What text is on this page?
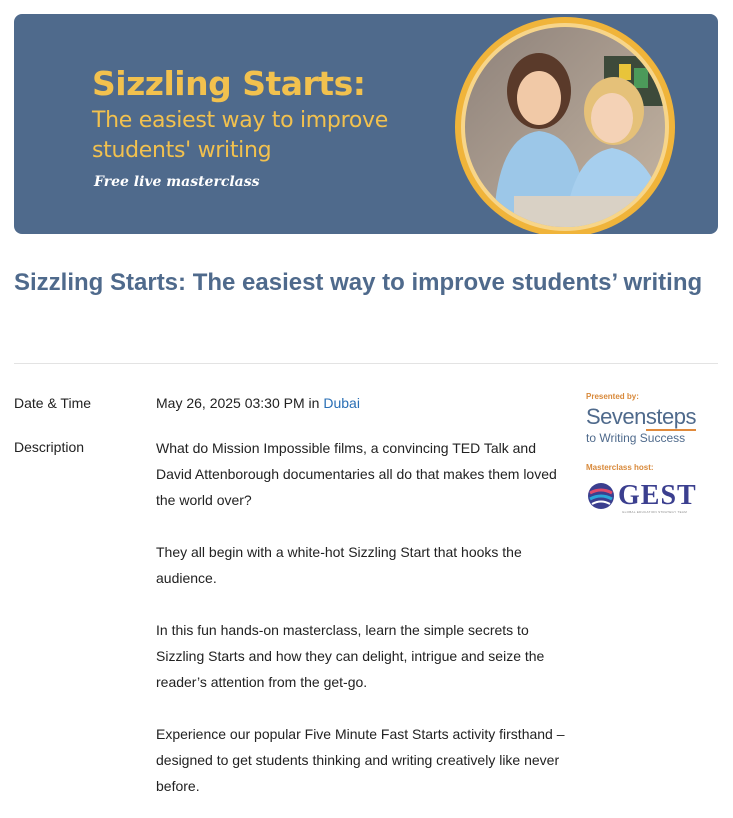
Sizzling Starts:
The easiest way to improve students' writing
Free live masterclass
Sizzling Starts: The easiest way to improve students’ writing
Date & Time	May 26, 2025 03:30 PM in Dubai
Description	What do Mission Impossible films, a convincing TED Talk and David Attenborough documentaries all do that makes them loved the world over?

They all begin with a white-hot Sizzling Start that hooks the audience.

In this fun hands-on masterclass, learn the simple secrets to Sizzling Starts and how they can delight, intrigue and seize the reader’s attention from the get-go.

Experience our popular Five Minute Fast Starts activity firsthand – designed to get students thinking and writing creatively like never before.

Presented by:
Sevensteps
to Writing Success
Masterclass host:
GEST
GLOBAL EDUCATION STRATEGY TEAM
